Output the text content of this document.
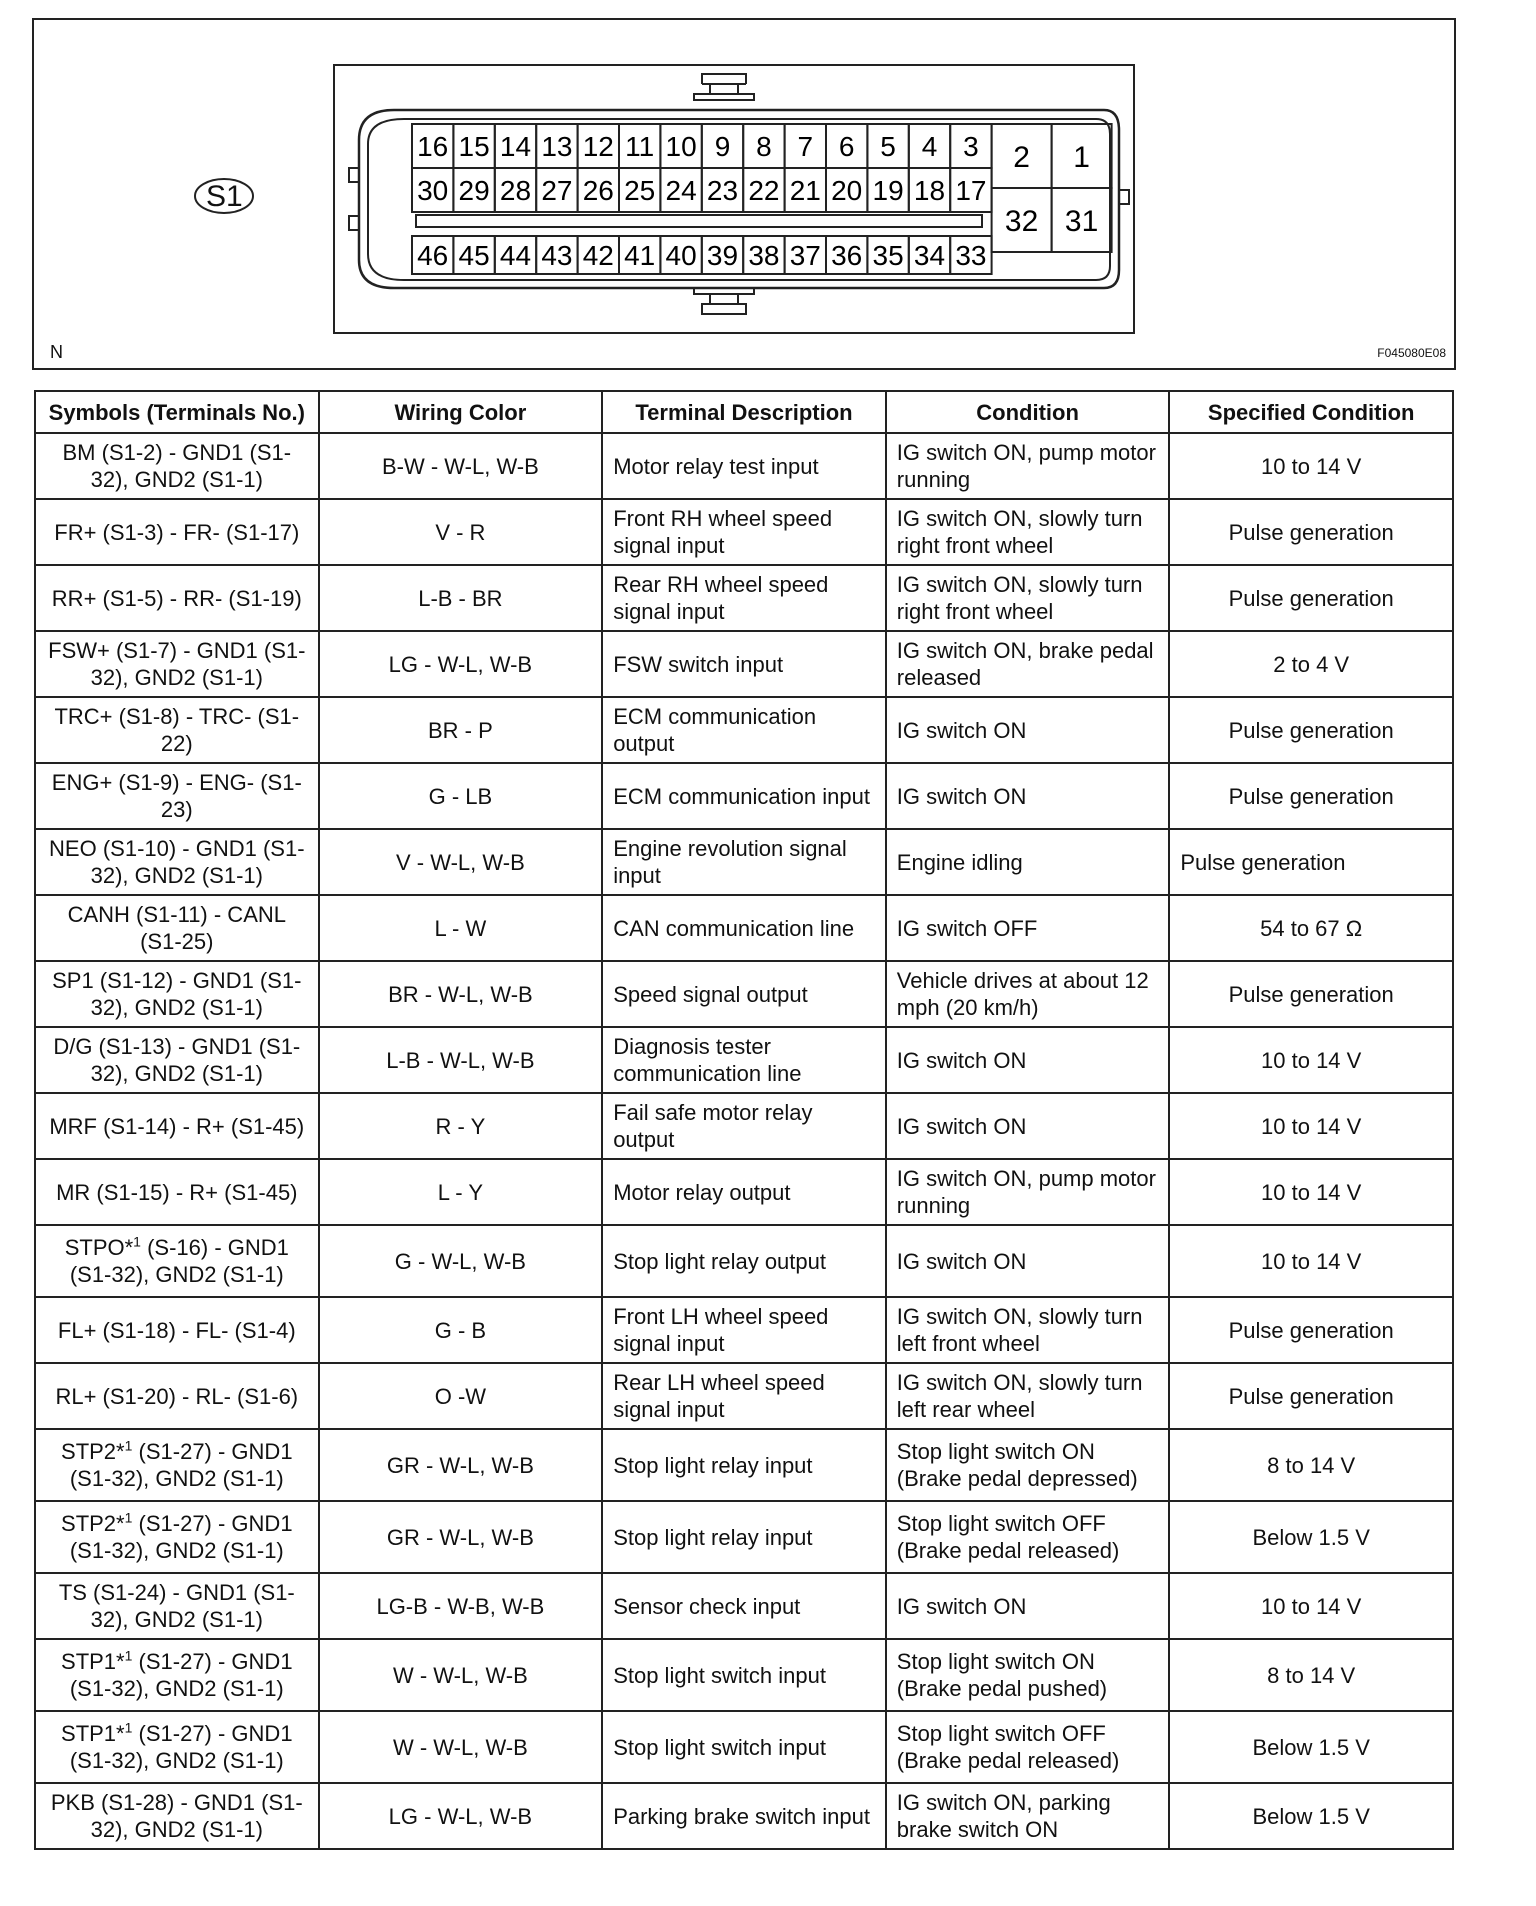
16 15 14 13 12 11 10 9 8 7 6 5 4 3
30 29 28 27 26 25 24 23 22 21 20 19 18 17
46 45 44 43 42 41 40 39 38 37 36 35 34 33
2 1
32 31
S1
N	F045080E08
Symbols (Terminals No.)	Wiring Color	Terminal Description	Condition	Specified Condition
BM (S1-2) - GND1 (S1-32), GND2 (S1-1)	B-W - W-L, W-B	Motor relay test input	IG switch ON, pump motor running	10 to 14 V
FR+ (S1-3) - FR- (S1-17)	V - R	Front RH wheel speed signal input	IG switch ON, slowly turn right front wheel	Pulse generation
RR+ (S1-5) - RR- (S1-19)	L-B - BR	Rear RH wheel speed signal input	IG switch ON, slowly turn right front wheel	Pulse generation
FSW+ (S1-7) - GND1 (S1-32), GND2 (S1-1)	LG - W-L, W-B	FSW switch input	IG switch ON, brake pedal released	2 to 4 V
TRC+ (S1-8) - TRC- (S1-22)	BR - P	ECM communication output	IG switch ON	Pulse generation
ENG+ (S1-9) - ENG- (S1-23)	G - LB	ECM communication input	IG switch ON	Pulse generation
NEO (S1-10) - GND1 (S1-32), GND2 (S1-1)	V - W-L, W-B	Engine revolution signal input	Engine idling	Pulse generation
CANH (S1-11) - CANL (S1-25)	L - W	CAN communication line	IG switch OFF	54 to 67 Ω
SP1 (S1-12) - GND1 (S1-32), GND2 (S1-1)	BR - W-L, W-B	Speed signal output	Vehicle drives at about 12 mph (20 km/h)	Pulse generation
D/G (S1-13) - GND1 (S1-32), GND2 (S1-1)	L-B - W-L, W-B	Diagnosis tester communication line	IG switch ON	10 to 14 V
MRF (S1-14) - R+ (S1-45)	R - Y	Fail safe motor relay output	IG switch ON	10 to 14 V
MR (S1-15) - R+ (S1-45)	L - Y	Motor relay output	IG switch ON, pump motor running	10 to 14 V
STPO*$^1$ (S-16) - GND1 (S1-32), GND2 (S1-1)	G - W-L, W-B	Stop light relay output	IG switch ON	10 to 14 V
FL+ (S1-18) - FL- (S1-4)	G - B	Front LH wheel speed signal input	IG switch ON, slowly turn left front wheel	Pulse generation
RL+ (S1-20) - RL- (S1-6)	O -W	Rear LH wheel speed signal input	IG switch ON, slowly turn left rear wheel	Pulse generation
STP2*$^1$ (S1-27) - GND1 (S1-32), GND2 (S1-1)	GR - W-L, W-B	Stop light relay input	Stop light switch ON (Brake pedal depressed)	8 to 14 V
STP2*$^1$ (S1-27) - GND1 (S1-32), GND2 (S1-1)	GR - W-L, W-B	Stop light relay input	Stop light switch OFF (Brake pedal released)	Below 1.5 V
TS (S1-24) - GND1 (S1-32), GND2 (S1-1)	LG-B - W-B, W-B	Sensor check input	IG switch ON	10 to 14 V
STP1*$^1$ (S1-27) - GND1 (S1-32), GND2 (S1-1)	W - W-L, W-B	Stop light switch input	Stop light switch ON (Brake pedal pushed)	8 to 14 V
STP1*$^1$ (S1-27) - GND1 (S1-32), GND2 (S1-1)	W - W-L, W-B	Stop light switch input	Stop light switch OFF (Brake pedal released)	Below 1.5 V
PKB (S1-28) - GND1 (S1-32), GND2 (S1-1)	LG - W-L, W-B	Parking brake switch input	IG switch ON, parking brake switch ON	Below 1.5 V
